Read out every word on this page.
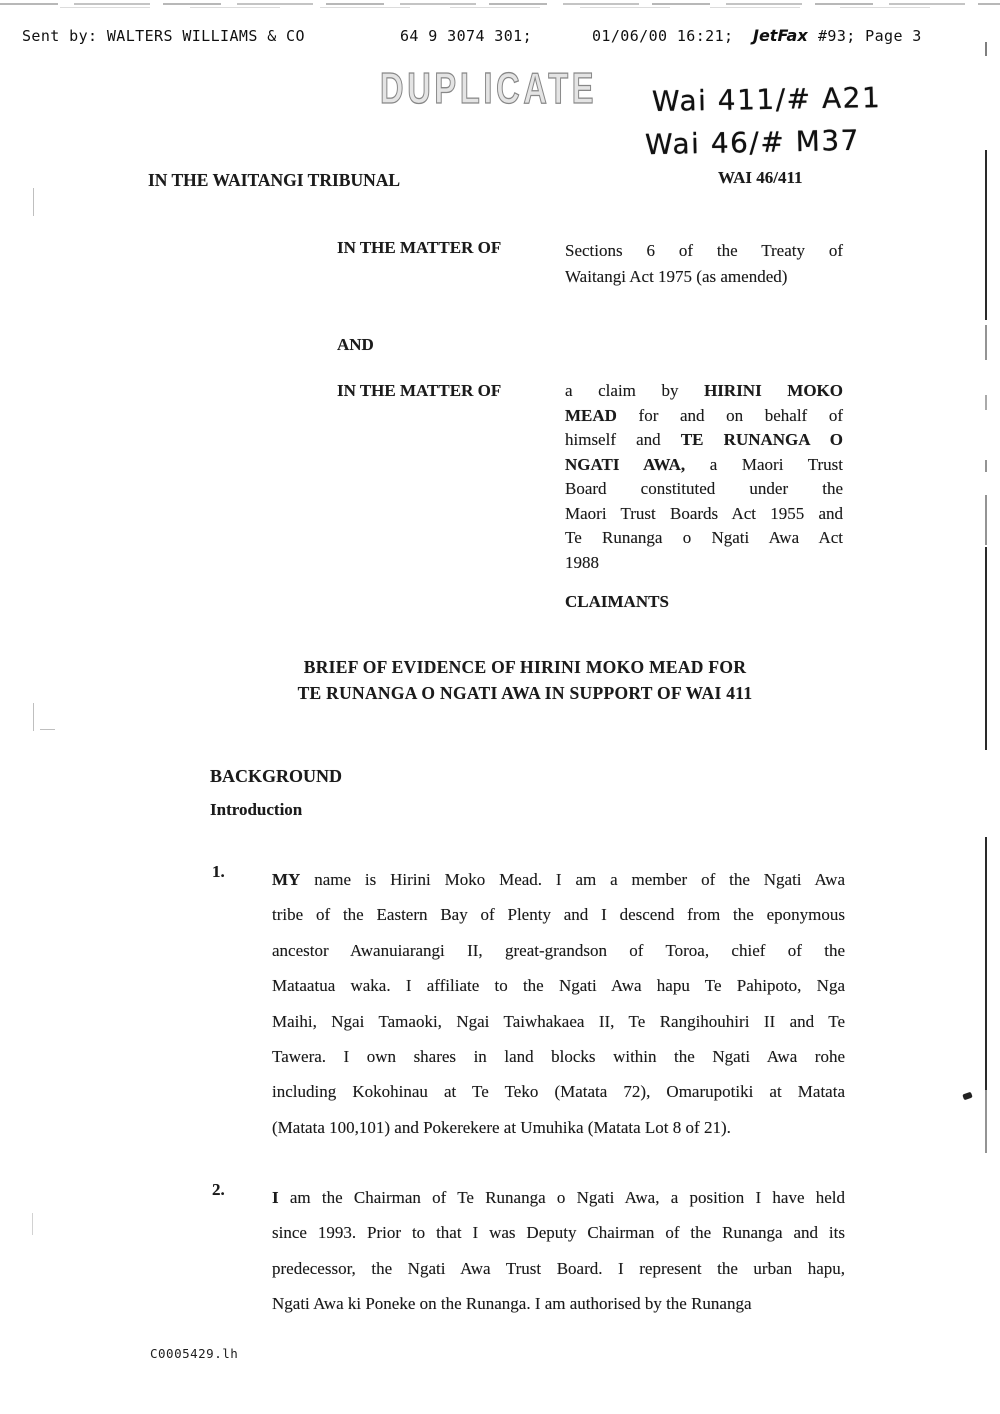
Sent by: WALTERS WILLIAMS & CO	64 9 3074 301;	01/06/00 16:21; JetFax #93; Page 3
DUPLICATE Wai 411/# A21
Wai 46/# M37
WAI 46/411
IN THE WAITANGI TRIBUNAL
IN THE MATTER OF	Sections 6 of the Treaty of
Waitangi Act 1975 (as amended)
AND
IN THE MATTER OF	a claim by HIRINI MOKO
MEAD for and on behalf of
himself and TE RUNANGA O
NGATI AWA, a Maori Trust
Board constituted under the
Maori Trust Boards Act 1955 and
Te Runanga o Ngati Awa Act
1988
CLAIMANTS
BRIEF OF EVIDENCE OF HIRINI MOKO MEAD FOR
TE RUNANGA O NGATI AWA IN SUPPORT OF WAI 411
BACKGROUND
Introduction
1.	MY name is Hirini Moko Mead. I am a member of the Ngati Awa
tribe of the Eastern Bay of Plenty and I descend from the eponymous
ancestor Awanuiarangi II, great-grandson of Toroa, chief of the
Mataatua waka. I affiliate to the Ngati Awa hapu Te Pahipoto, Nga
Maihi, Ngai Tamaoki, Ngai Taiwhakaea II, Te Rangihouhiri II and Te
Tawera. I own shares in land blocks within the Ngati Awa rohe
including Kokohinau at Te Teko (Matata 72), Omarupotiki at Matata
(Matata 100,101) and Pokerekere at Umuhika (Matata Lot 8 of 21).
2.	I am the Chairman of Te Runanga o Ngati Awa, a position I have held
since 1993. Prior to that I was Deputy Chairman of the Runanga and its
predecessor, the Ngati Awa Trust Board. I represent the urban hapu,
Ngati Awa ki Poneke on the Runanga. I am authorised by the Runanga
C0005429.lh
